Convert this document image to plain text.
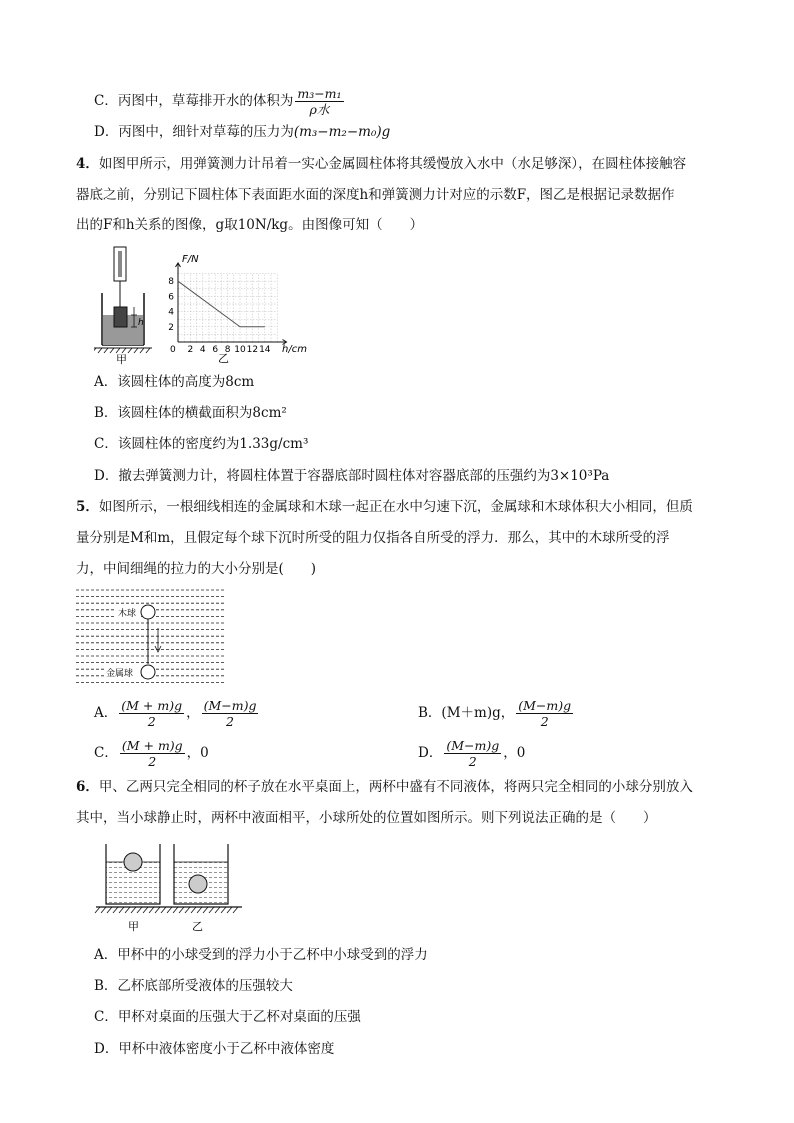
C．丙图中，草莓排开水的体积为 $\frac{\text{m₃−m₁}}{\text{ρ水}}$
D．丙图中，细针对草莓的压力为(m₃−m₂−m₀)g
4．如图甲所示，用弹簧测力计吊着一实心金属圆柱体将其缓慢放入水中（水足够深），在圆柱体接触容
器底之前，分别记下圆柱体下表面距水面的深度h和弹簧测力计对应的示数F，图乙是根据记录数据作
出的F和h关系的图像，g取10N/kg。由图像可知（　　）
h
甲
0 2 4 6 8 10 12 14
2
4
6
8
F/N
h/cm
乙
A．该圆柱体的高度为8cm
B．该圆柱体的横截面积为8cm²
C．该圆柱体的密度约为1.33g/cm³
D．撤去弹簧测力计，将圆柱体置于容器底部时圆柱体对容器底部的压强约为3×10³Pa
5．如图所示，一根细线相连的金属球和木球一起正在水中匀速下沉，金属球和木球体积大小相同，但质
量分别是M和m，且假定每个球下沉时所受的阻力仅指各自所受的浮力．那么，其中的木球所受的浮
力，中间细绳的拉力的大小分别是(　　)
木球
金属球
A． $\frac{(M + m)g}{2}$ ， $\frac{(M-m)g}{2}$	B．(M＋m)g， $\frac{(M-m)g}{2}$
C． $\frac{(M + m)g}{2}$ ，0	D． $\frac{(M-m)g}{2}$ ，0
6．甲、乙两只完全相同的杯子放在水平桌面上，两杯中盛有不同液体，将两只完全相同的小球分别放入
其中，当小球静止时，两杯中液面相平，小球所处的位置如图所示。则下列说法正确的是（　　）
甲	乙
A．甲杯中的小球受到的浮力小于乙杯中小球受到的浮力
B．乙杯底部所受液体的压强较大
C．甲杯对桌面的压强大于乙杯对桌面的压强
D．甲杯中液体密度小于乙杯中液体密度
